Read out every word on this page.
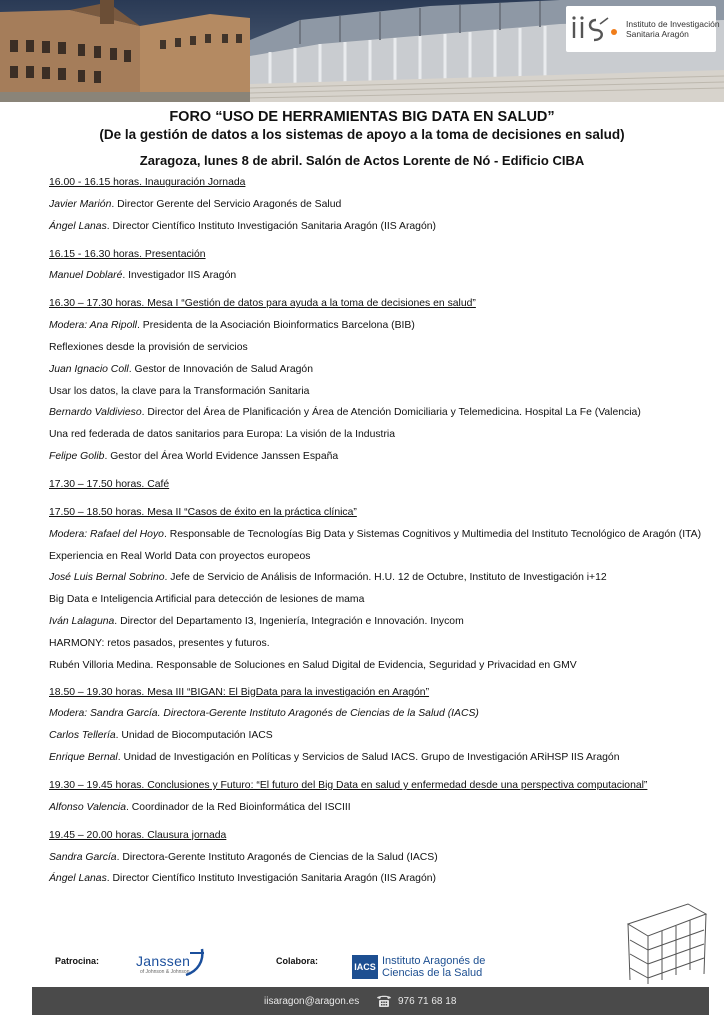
Instituto de Investigación
Sanitaria Aragón
FORO “USO DE HERRAMIENTAS BIG DATA EN SALUD”
(De la gestión de datos a los sistemas de apoyo a la toma de decisiones en salud)
Zaragoza, lunes 8 de abril. Salón de Actos Lorente de Nó - Edificio CIBA
16.00 - 16.15 horas. Inauguración Jornada
Javier Marión. Director Gerente del Servicio Aragonés de Salud
Ángel Lanas. Director Científico Instituto Investigación Sanitaria Aragón (IIS Aragón)
16.15 - 16.30 horas. Presentación
Manuel Doblaré. Investigador IIS Aragón
16.30 – 17.30 horas. Mesa I “Gestión de datos para ayuda a la toma de decisiones en salud”
Modera: Ana Ripoll. Presidenta de la Asociación Bioinformatics Barcelona (BIB)
Reflexiones desde la provisión de servicios
Juan Ignacio Coll. Gestor de Innovación de Salud Aragón
Usar los datos, la clave para la Transformación Sanitaria
Bernardo Valdivieso. Director del Área de Planificación y Área de Atención Domiciliaria y Telemedicina. Hospital La Fe (Valencia)
Una red federada de datos sanitarios para Europa: La visión de la Industria
Felipe Golib. Gestor del Área World Evidence Janssen España
17.30 – 17.50 horas. Café
17.50 – 18.50 horas. Mesa II “Casos de éxito en la práctica clínica”
Modera: Rafael del Hoyo. Responsable de Tecnologías Big Data y Sistemas Cognitivos y Multimedia del Instituto Tecnológico de Aragón (ITA)
Experiencia en Real World Data con proyectos europeos
José Luis Bernal Sobrino. Jefe de Servicio de Análisis de Información. H.U. 12 de Octubre, Instituto de Investigación i+12
Big Data e Inteligencia Artificial para detección de lesiones de mama
Iván Lalaguna. Director del Departamento I3, Ingeniería, Integración e Innovación. Inycom
HARMONY: retos pasados, presentes y futuros.
Rubén Villoria Medina. Responsable de Soluciones en Salud Digital de Evidencia, Seguridad y Privacidad en GMV
18.50 – 19.30 horas. Mesa III “BIGAN: El BigData para la investigación en Aragón”
Modera: Sandra García. Directora-Gerente Instituto Aragonés de Ciencias de la Salud (IACS)
Carlos Tellería. Unidad de Biocomputación IACS
Enrique Bernal. Unidad de Investigación en Políticas y Servicios de Salud IACS. Grupo de Investigación ARiHSP IIS Aragón
19.30 – 19.45 horas. Conclusiones y Futuro: “El futuro del Big Data en salud y enfermedad desde una perspectiva computacional”
Alfonso Valencia. Coordinador de la Red Bioinformática del ISCIII
19.45 – 20.00 horas. Clausura jornada
Sandra García. Directora-Gerente Instituto Aragonés de Ciencias de la Salud (IACS)
Ángel Lanas. Director Científico Instituto Investigación Sanitaria Aragón (IIS Aragón)
Patrocina:	Janssen
of Johnson & Johnson
Colabora:
IACS Instituto Aragonés de
Ciencias de la Salud
iisaragon@aragon.es	976 71 68 18
